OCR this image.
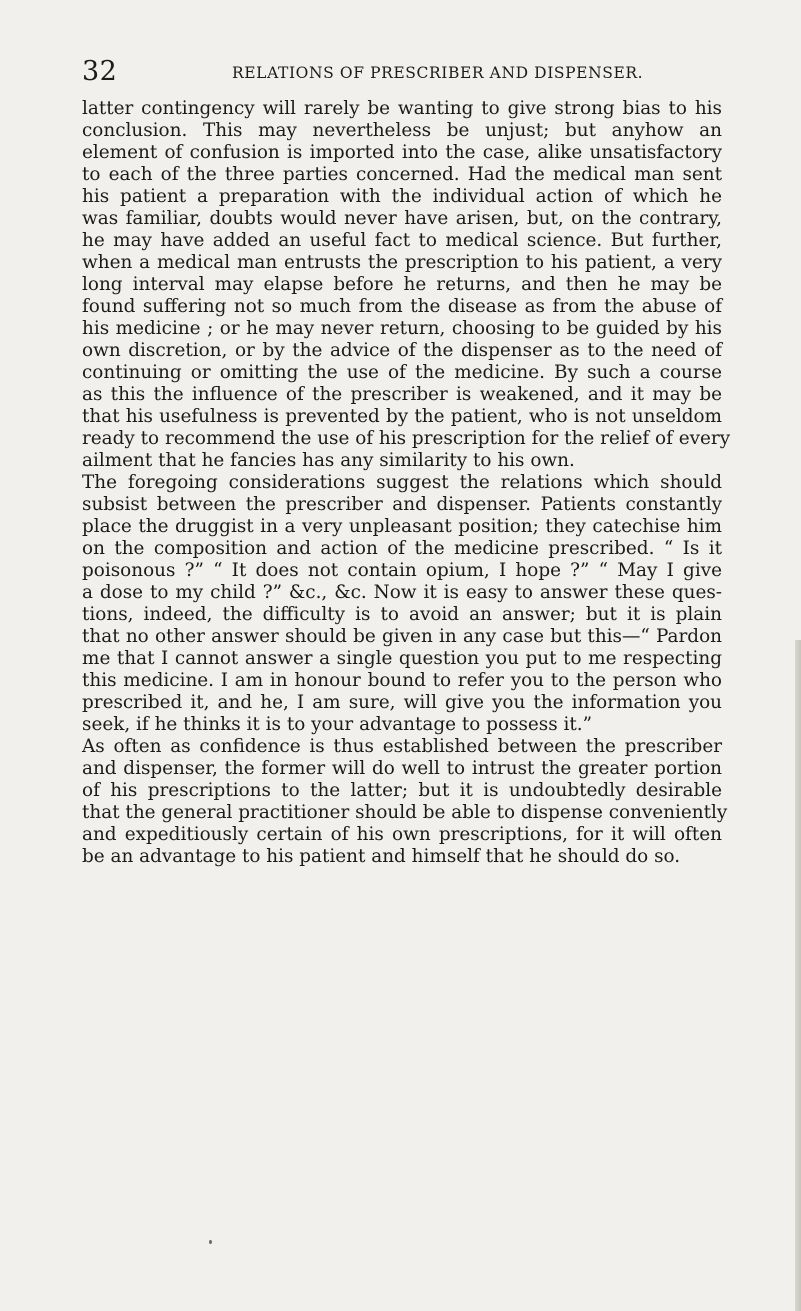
32	RELATIONS OF PRESCRIBER AND DISPENSER.
latter contingency will rarely be wanting to give strong bias to his
conclusion. This may nevertheless be unjust; but anyhow an
element of confusion is imported into the case, alike unsatisfactory
to each of the three parties concerned. Had the medical man sent
his patient a preparation with the individual action of which he
was familiar, doubts would never have arisen, but, on the contrary,
he may have added an useful fact to medical science. But further,
when a medical man entrusts the prescription to his patient, a very
long interval may elapse before he returns, and then he may be
found suffering not so much from the disease as from the abuse of
his medicine ; or he may never return, choosing to be guided by his
own discretion, or by the advice of the dispenser as to the need of
continuing or omitting the use of the medicine. By such a course
as this the influence of the prescriber is weakened, and it may be
that his usefulness is prevented by the patient, who is not unseldom
ready to recommend the use of his prescription for the relief of every
ailment that he fancies has any similarity to his own.
The foregoing considerations suggest the relations which should
subsist between the prescriber and dispenser. Patients constantly
place the druggist in a very unpleasant position; they catechise him
on the composition and action of the medicine prescribed. “ Is it
poisonous ?” “ It does not contain opium, I hope ?” “ May I give
a dose to my child ?” &c., &c. Now it is easy to answer these ques-
tions, indeed, the difficulty is to avoid an answer; but it is plain
that no other answer should be given in any case but this—“ Pardon
me that I cannot answer a single question you put to me respecting
this medicine. I am in honour bound to refer you to the person who
prescribed it, and he, I am sure, will give you the information you
seek, if he thinks it is to your advantage to possess it.”
As often as confidence is thus established between the prescriber
and dispenser, the former will do well to intrust the greater portion
of his prescriptions to the latter; but it is undoubtedly desirable
that the general practitioner should be able to dispense conveniently
and expeditiously certain of his own prescriptions, for it will often
be an advantage to his patient and himself that he should do so.
